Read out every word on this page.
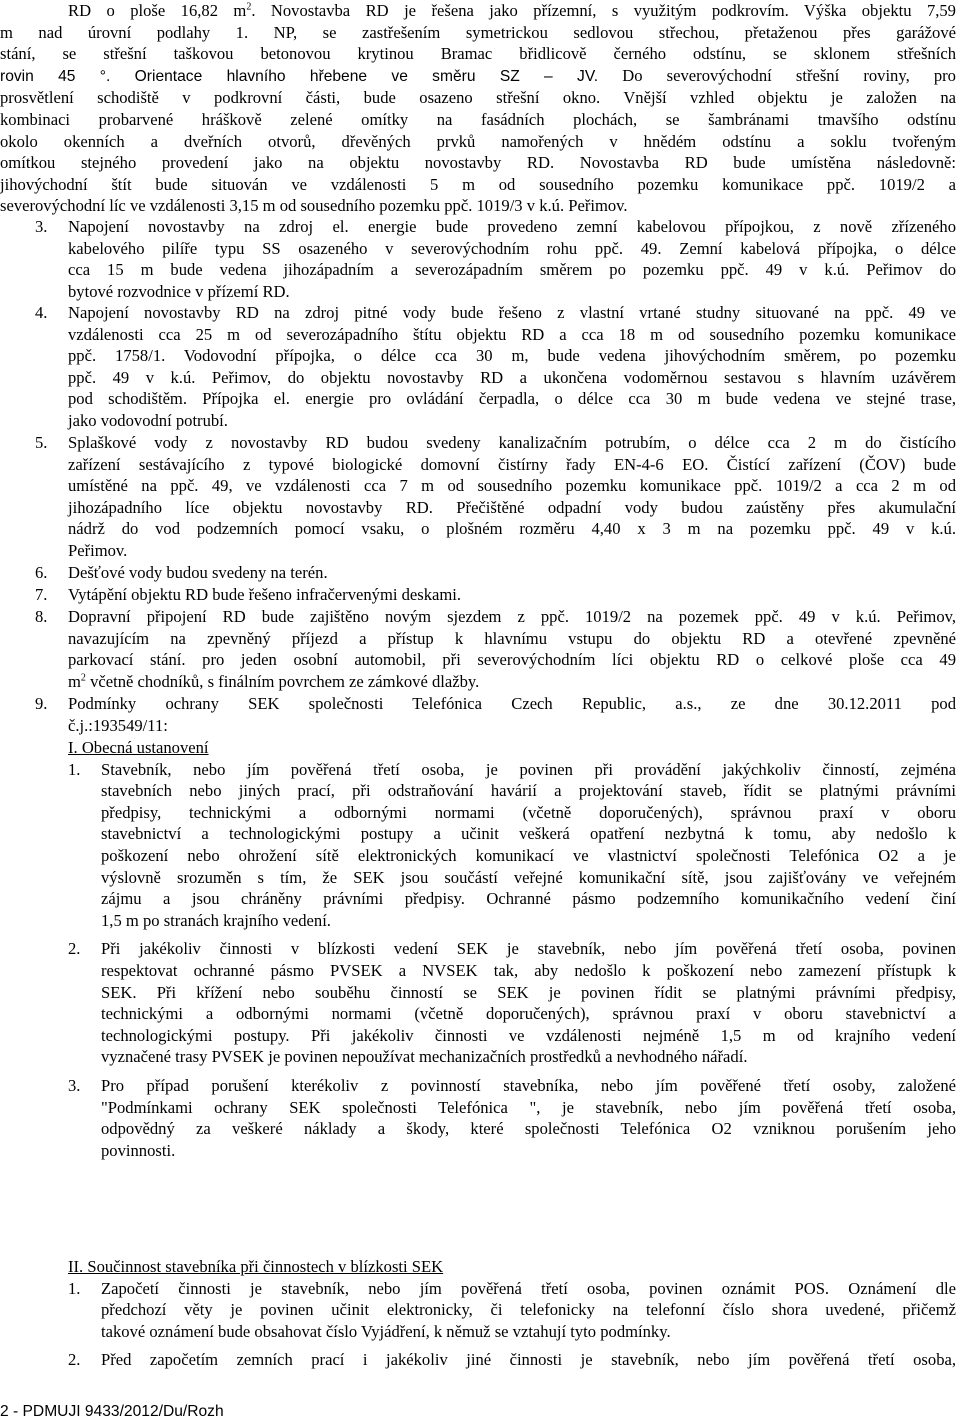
RD o ploše 16,82 $m^2$. Novostavba RD je řešena jako přízemní, s využitým podkrovím. Výška objektu 7,59

m nad úrovní podlahy 1. NP, se zastřešením symetrickou sedlovou střechou, přetaženou přes garážové

stání, se střešní taškovou betonovou krytinou Bramac břidlicově černého odstínu, se sklonem střešních

rovin 45 °. Orientace hlavního hřebene ve směru SZ – JV. Do severovýchodní střešní roviny, pro

prosvětlení schodiště v podkrovní části, bude osazeno střešní okno. Vnější vzhled objektu je založen na

kombinaci probarvené hráškově zelené omítky na fasádních plochách, se šambránami tmavšího odstínu

okolo okenních a dveřních otvorů, dřevěných prvků namořených v hnědém odstínu a soklu tvořeným

omítkou stejného provedení jako na objektu novostavby RD. Novostavba RD bude umístěna následovně:

jihovýchodní štít bude situován ve vzdálenosti 5 m od sousedního pozemku komunikace ppč. 1019/2 a

severovýchodní líc ve vzdálenosti 3,15 m od sousedního pozemku ppč. 1019/3 v k.ú. Peřimov.

3. Napojení novostavby na zdroj el. energie bude provedeno zemní kabelovou přípojkou, z nově zřízeného

kabelového pilíře typu SS osazeného v severovýchodním rohu ppč. 49. Zemní kabelová přípojka, o délce

cca 15 m bude vedena jihozápadním a severozápadním směrem po pozemku ppč. 49 v k.ú. Peřimov do

bytové rozvodnice v přízemí RD.

4. Napojení novostavby RD na zdroj pitné vody bude řešeno z vlastní vrtané studny situované na ppč. 49 ve

vzdálenosti cca 25 m od severozápadního štítu objektu RD a cca 18 m od sousedního pozemku komunikace

ppč. 1758/1. Vodovodní přípojka, o délce cca 30 m, bude vedena jihovýchodním směrem, po pozemku

ppč. 49 v k.ú. Peřimov, do objektu novostavby RD a ukončena vodoměrnou sestavou s hlavním uzávěrem

pod schodištěm. Přípojka el. energie pro ovládání čerpadla, o délce cca 30 m bude vedena ve stejné trase,

jako vodovodní potrubí.

5. Splaškové vody z novostavby RD budou svedeny kanalizačním potrubím, o délce cca 2 m do čistícího

zařízení sestávajícího z typové biologické domovní čistírny řady EN-4-6 EO. Čistící zařízení (ČOV) bude

umístěné na ppč. 49, ve vzdálenosti cca 7 m od sousedního pozemku komunikace ppč. 1019/2 a cca 2 m od

jihozápadního líce objektu novostavby RD. Přečištěné odpadní vody budou zaústěny přes akumulační

nádrž do vod podzemních pomocí vsaku, o plošném rozměru 4,40 x 3 m na pozemku ppč. 49 v k.ú.

Peřimov.

6. Dešťové vody budou svedeny na terén.

7. Vytápění objektu RD bude řešeno infračervenými deskami.

8. Dopravní připojení RD bude zajištěno novým sjezdem z ppč. 1019/2 na pozemek ppč. 49 v k.ú. Peřimov,

navazujícím na zpevněný příjezd a přístup k hlavnímu vstupu do objektu RD a otevřené zpevněné

parkovací stání. pro jeden osobní automobil, při severovýchodním líci objektu RD o celkové ploše cca 49

$m^2$ včetně chodníků, s finálním povrchem ze zámkové dlažby.

9. Podmínky ochrany SEK společnosti Telefónica Czech Republic, a.s., ze dne 30.12.2011 pod

č.j.:193549/11:

I. Obecná ustanovení

1. Stavebník, nebo jím pověřená třetí osoba, je povinen při provádění jakýchkoliv činností, zejména

stavebních nebo jiných prací, při odstraňování havárií a projektování staveb, řídit se platnými právními

předpisy, technickými a odbornými normami (včetně doporučených), správnou praxí v oboru

stavebnictví a technologickými postupy a učinit veškerá opatření nezbytná k tomu, aby nedošlo k

poškození nebo ohrožení sítě elektronických komunikací ve vlastnictví společnosti Telefónica O2 a je

výslovně srozuměn s tím, že SEK jsou součástí veřejné komunikační sítě, jsou zajišťovány ve veřejném

zájmu a jsou chráněny právními předpisy. Ochranné pásmo podzemního komunikačního vedení činí

1,5 m po stranách krajního vedení.

2. Při jakékoliv činnosti v blízkosti vedení SEK je stavebník, nebo jím pověřená třetí osoba, povinen

respektovat ochranné pásmo PVSEK a NVSEK tak, aby nedošlo k poškození nebo zamezení přístupk k

SEK. Při křížení nebo souběhu činností se SEK je povinen řídit se platnými právními předpisy,

technickými a odbornými normami (včetně doporučených), správnou praxí v oboru stavebnictví a

technologickými postupy. Při jakékoliv činnosti ve vzdálenosti nejméně 1,5 m od krajního vedení

vyznačené trasy PVSEK je povinen nepoužívat mechanizačních prostředků a nevhodného nářadí.

3. Pro případ porušení kterékoliv z povinností stavebníka, nebo jím pověřené třetí osoby, založené

"Podmínkami ochrany SEK společnosti Telefónica ", je stavebník, nebo jím pověřená třetí osoba,

odpovědný za veškeré náklady a škody, které společnosti Telefónica O2 vzniknou porušením jeho

povinnosti.

II. Součinnost stavebníka při činnostech v blízkosti SEK

1. Započetí činnosti je stavebník, nebo jím pověřená třetí osoba, povinen oznámit POS. Oznámení dle

předchozí věty je povinen učinit elektronicky, či telefonicky na telefonní číslo shora uvedené, přičemž

takové oznámení bude obsahovat číslo Vyjádření, k němuž se vztahují tyto podmínky.

2. Před započetím zemních prací i jakékoliv jiné činnosti je stavebník, nebo jím pověřená třetí osoba,

2 - PDMUJI 9433/2012/Du/Rozh
